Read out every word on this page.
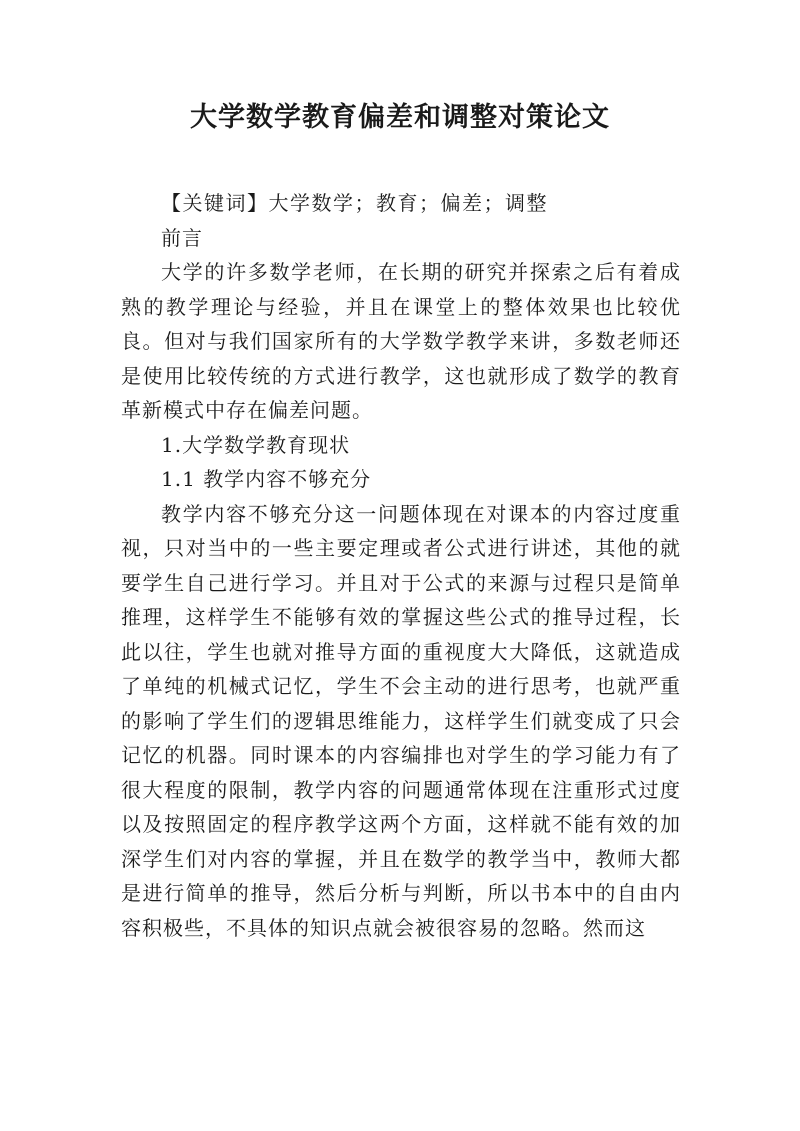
大学数学教育偏差和调整对策论文

【关键词】大学数学；教育；偏差；调整

前言

大学的许多数学老师，在长期的研究并探索之后有着成熟的教学理论与经验，并且在课堂上的整体效果也比较优良。但对与我们国家所有的大学数学教学来讲，多数老师还是使用比较传统的方式进行教学，这也就形成了数学的教育革新模式中存在偏差问题。

1.大学数学教育现状

1.1 教学内容不够充分

教学内容不够充分这一问题体现在对课本的内容过度重视，只对当中的一些主要定理或者公式进行讲述，其他的就要学生自己进行学习。并且对于公式的来源与过程只是简单推理，这样学生不能够有效的掌握这些公式的推导过程，长此以往，学生也就对推导方面的重视度大大降低，这就造成了单纯的机械式记忆，学生不会主动的进行思考，也就严重的影响了学生们的逻辑思维能力，这样学生们就变成了只会记忆的机器。同时课本的内容编排也对学生的学习能力有了很大程度的限制，教学内容的问题通常体现在注重形式过度以及按照固定的程序教学这两个方面，这样就不能有效的加深学生们对内容的掌握，并且在数学的教学当中，教师大都是进行简单的推导，然后分析与判断，所以书本中的自由内容积极些，不具体的知识点就会被很容易的忽略。然而这
